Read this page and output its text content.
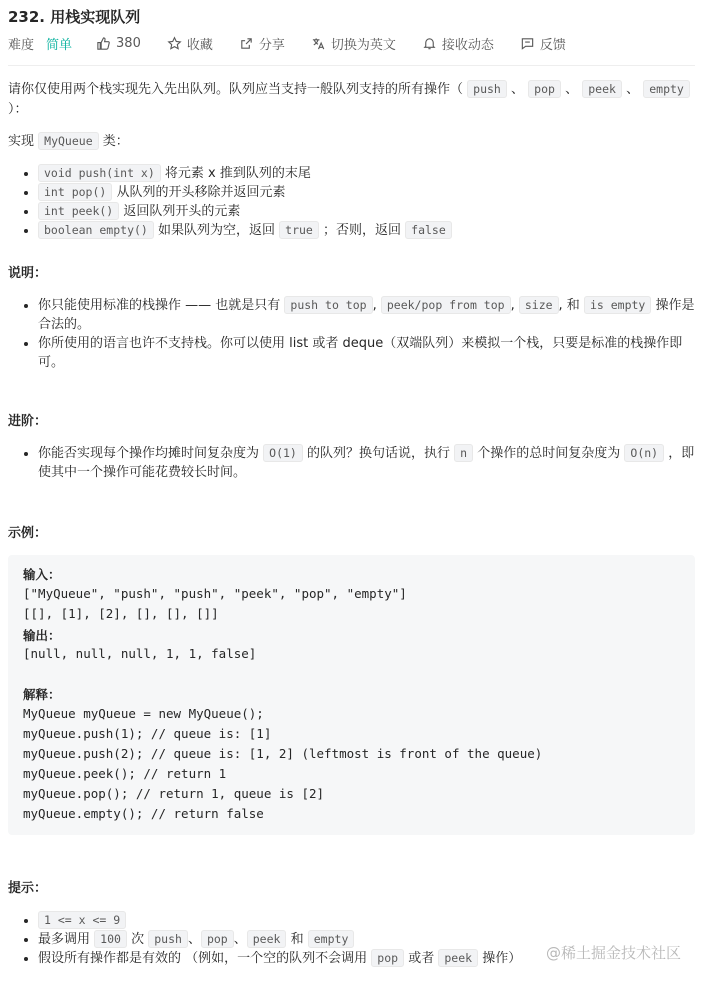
232. 用栈实现队列
难度 简单	380	收藏	分享	切换为英文	接收动态	反馈

请你仅使用两个栈实现先入先出队列。队列应当支持一般队列支持的所有操作（ push 、 pop 、 peek 、 empty ）：

实现 MyQueue 类：

• void push(int x) 将元素 x 推到队列的末尾
• int pop() 从队列的开头移除并返回元素
• int peek() 返回队列开头的元素
• boolean empty() 如果队列为空，返回 true ；否则，返回 false

说明：

• 你只能使用标准的栈操作 —— 也就是只有 push to top , peek/pop from top , size , 和 is empty 操作是合法的。
• 你所使用的语言也许不支持栈。你可以使用 list 或者 deque（双端队列）来模拟一个栈，只要是标准的栈操作即可。

进阶：

• 你能否实现每个操作均摊时间复杂度为 O(1) 的队列？换句话说，执行 n 个操作的总时间复杂度为 O(n) ，即使其中一个操作可能花费较长时间。

示例：

输入：
["MyQueue", "push", "push", "peek", "pop", "empty"]
[[], [1], [2], [], [], []]
输出：
[null, null, null, 1, 1, false]
解释：
MyQueue myQueue = new MyQueue();
myQueue.push(1); // queue is: [1]
myQueue.push(2); // queue is: [1, 2] (leftmost is front of the queue)
myQueue.peek(); // return 1
myQueue.pop(); // return 1, queue is [2]
myQueue.empty(); // return false

提示：

• 1 <= x <= 9
• 最多调用 100 次 push 、 pop 、 peek 和 empty
• 假设所有操作都是有效的 （例如，一个空的队列不会调用 pop 或者 peek 操作）	@稀土掘金技术社区
